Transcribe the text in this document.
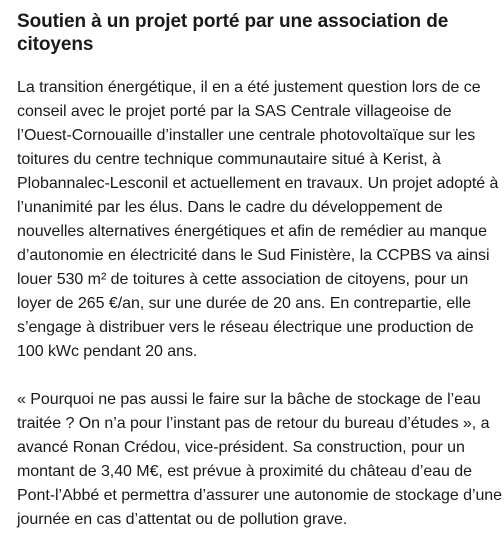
Soutien à un projet porté par une association de citoyens

La transition énergétique, il en a été justement question lors de ce conseil avec le projet porté par la SAS Centrale villageoise de l’Ouest-Cornouaille d’installer une centrale photovoltaïque sur les toitures du centre technique communautaire situé à Kerist, à Plobannalec-Lesconil et actuellement en travaux. Un projet adopté à l’unanimité par les élus. Dans le cadre du développement de nouvelles alternatives énergétiques et afin de remédier au manque d’autonomie en électricité dans le Sud Finistère, la CCPBS va ainsi louer 530 m² de toitures à cette association de citoyens, pour un loyer de 265 €/an, sur une durée de 20 ans. En contrepartie, elle s’engage à distribuer vers le réseau électrique une production de 100 kWc pendant 20 ans.

« Pourquoi ne pas aussi le faire sur la bâche de stockage de l’eau traitée ? On n’a pour l’instant pas de retour du bureau d’études », a avancé Ronan Crédou, vice-président. Sa construction, pour un montant de 3,40 M€, est prévue à proximité du château d’eau de Pont-l’Abbé et permettra d’assurer une autonomie de stockage d’une journée en cas d’attentat ou de pollution grave.
